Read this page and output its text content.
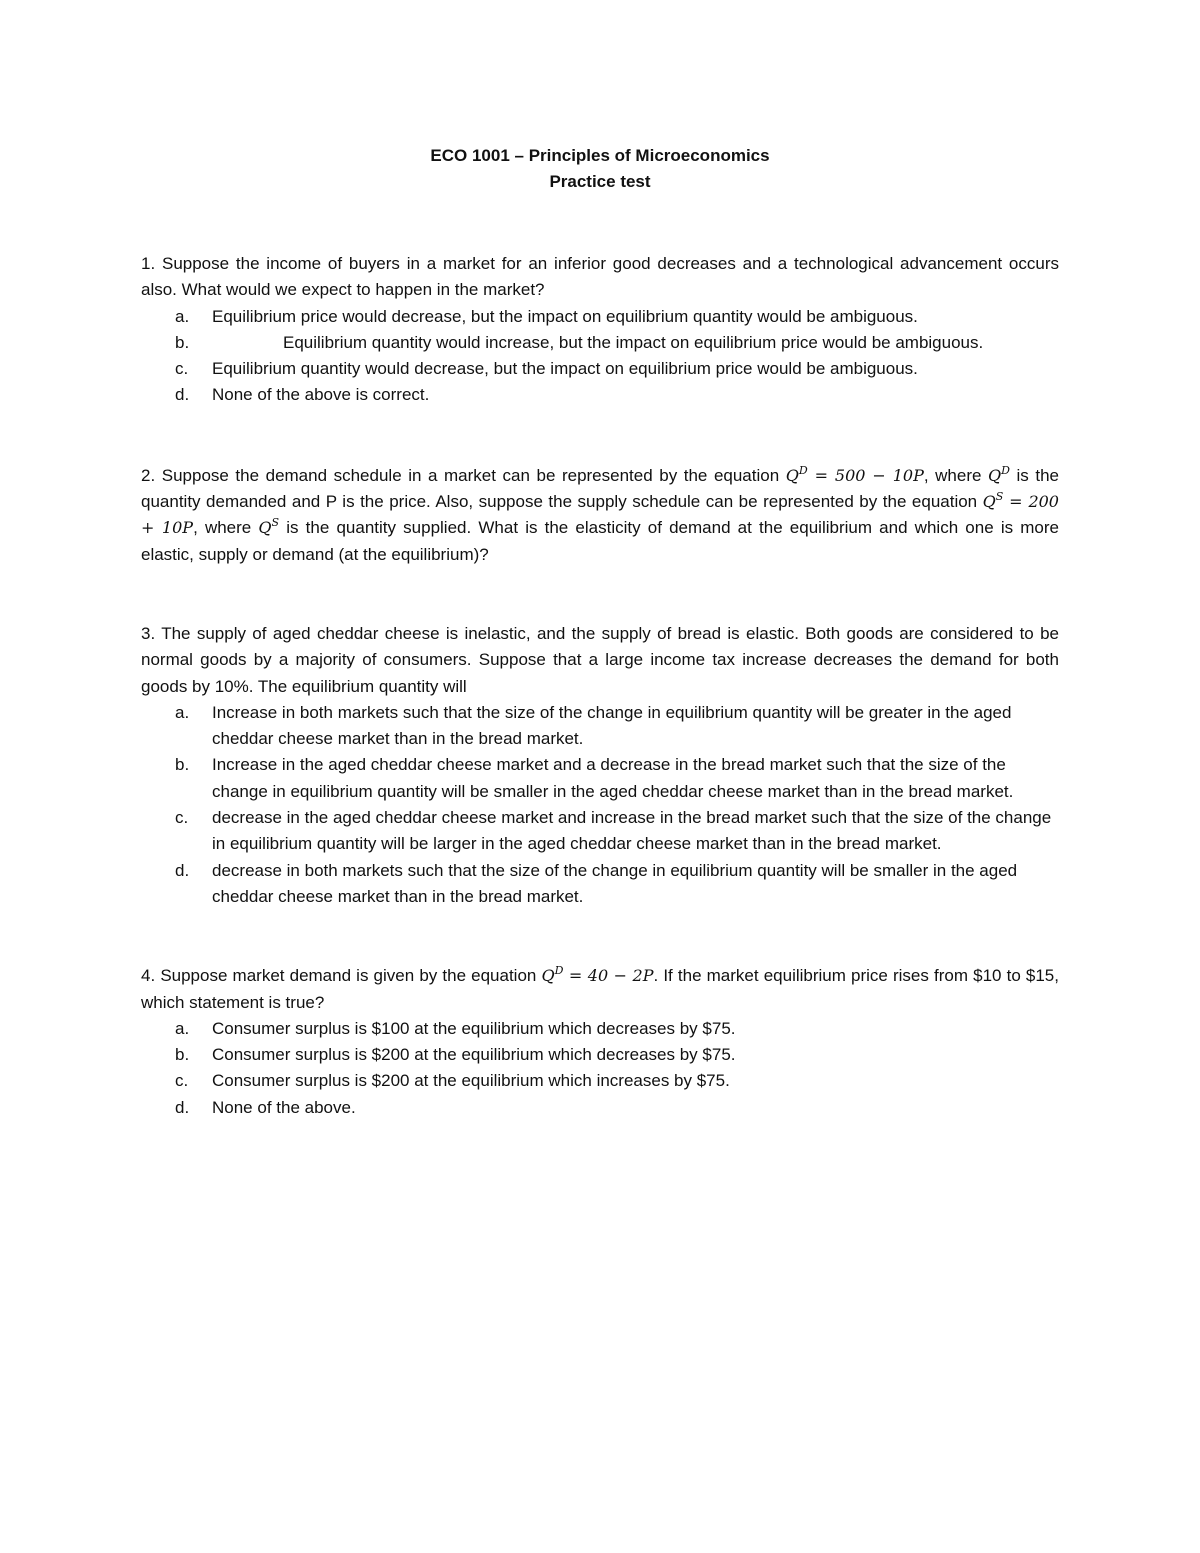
ECO 1001 – Principles of Microeconomics
Practice test
1. Suppose the income of buyers in a market for an inferior good decreases and a technological advancement occurs also. What would we expect to happen in the market?
a.	Equilibrium price would decrease, but the impact on equilibrium quantity would be ambiguous.
b.	Equilibrium quantity would increase, but the impact on equilibrium price would be ambiguous.
c.	Equilibrium quantity would decrease, but the impact on equilibrium price would be ambiguous.
d.	None of the above is correct.
2. Suppose the demand schedule in a market can be represented by the equation $Q^D = 500 - 10P$, where $Q^D$ is the quantity demanded and P is the price. Also, suppose the supply schedule can be represented by the equation $Q^S = 200 + 10P$, where $Q^S$ is the quantity supplied. What is the elasticity of demand at the equilibrium and which one is more elastic, supply or demand (at the equilibrium)?
3. The supply of aged cheddar cheese is inelastic, and the supply of bread is elastic. Both goods are considered to be normal goods by a majority of consumers. Suppose that a large income tax increase decreases the demand for both goods by 10%. The equilibrium quantity will
a.	Increase in both markets such that the size of the change in equilibrium quantity will be greater in the aged cheddar cheese market than in the bread market.
b.	Increase in the aged cheddar cheese market and a decrease in the bread market such that the size of the change in equilibrium quantity will be smaller in the aged cheddar cheese market than in the bread market.
c.	decrease in the aged cheddar cheese market and increase in the bread market such that the size of the change in equilibrium quantity will be larger in the aged cheddar cheese market than in the bread market.
d.	decrease in both markets such that the size of the change in equilibrium quantity will be smaller in the aged cheddar cheese market than in the bread market.
4. Suppose market demand is given by the equation $Q^D = 40 - 2P$. If the market equilibrium price rises from $10 to $15, which statement is true?
a.	Consumer surplus is $100 at the equilibrium which decreases by $75.
b.	Consumer surplus is $200 at the equilibrium which decreases by $75.
c.	Consumer surplus is $200 at the equilibrium which increases by $75.
d.	None of the above.
